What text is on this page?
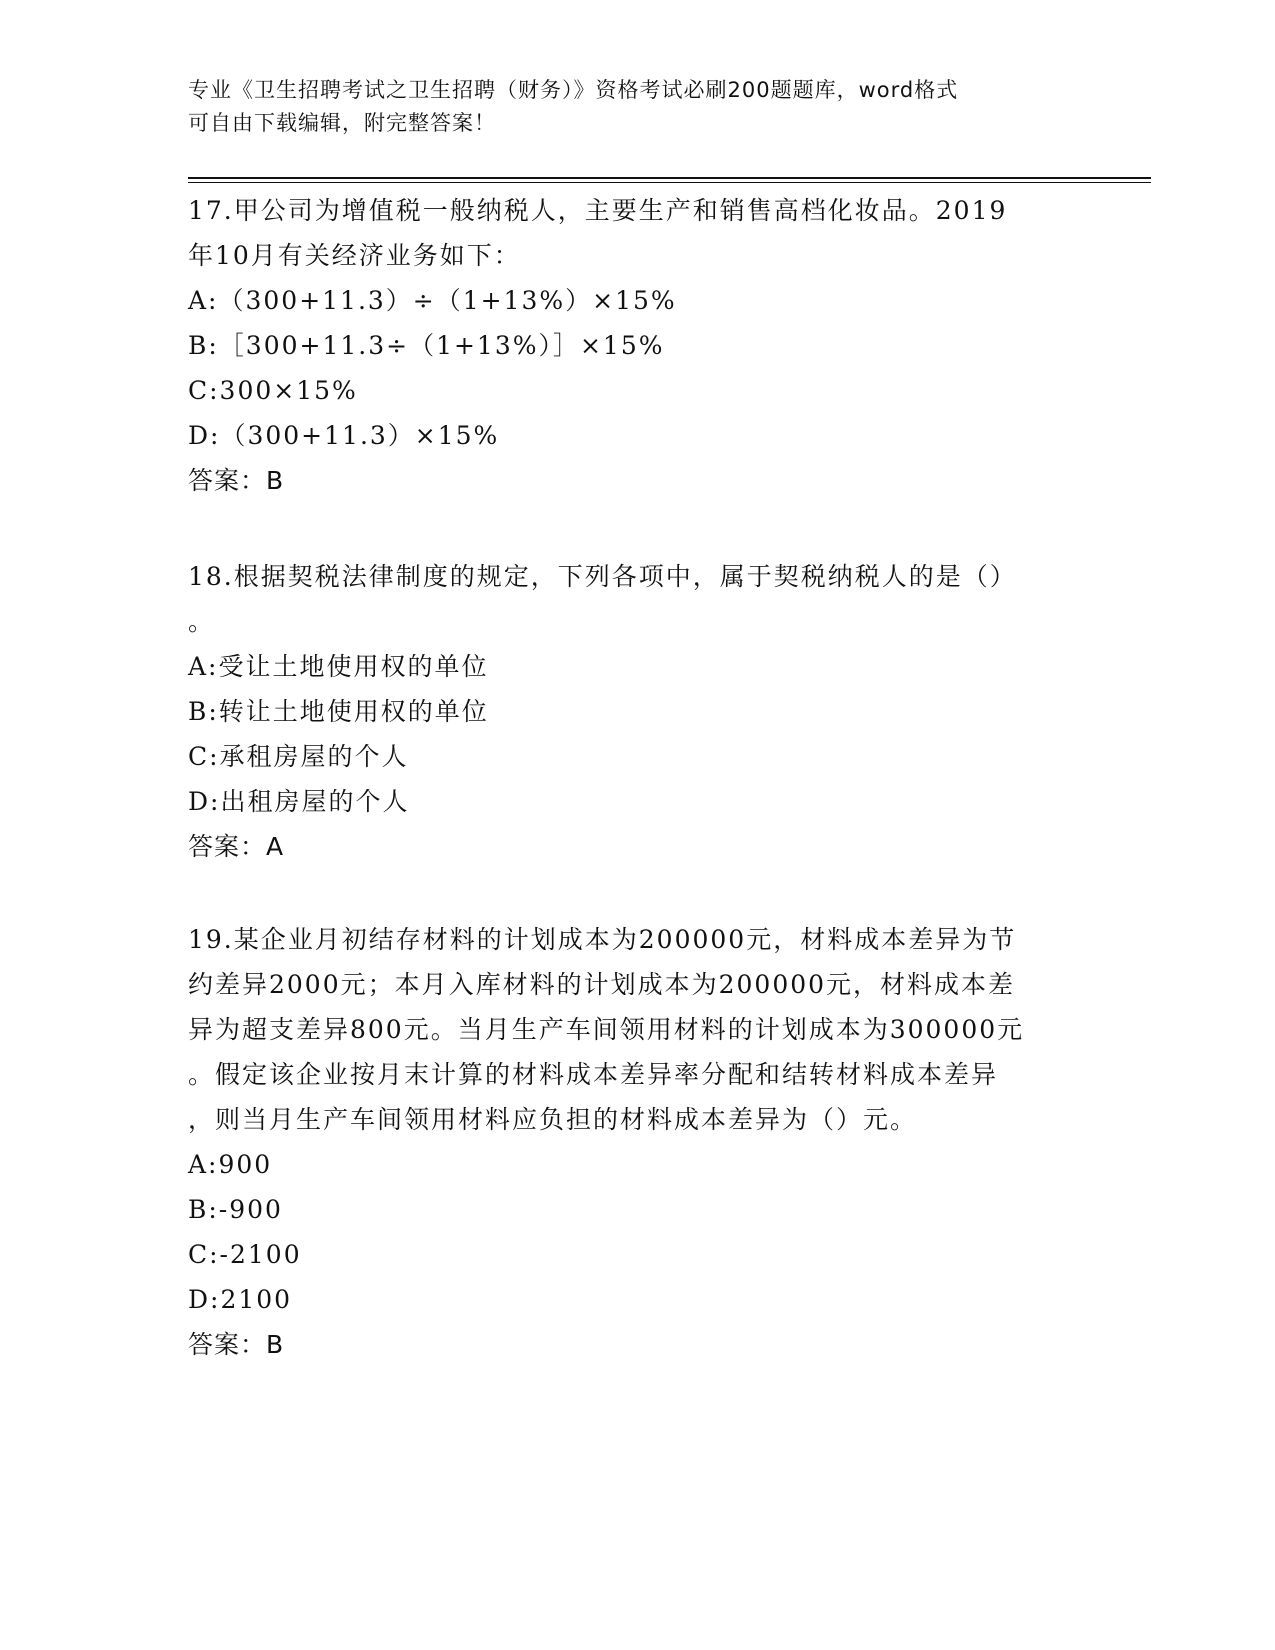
专业《卫生招聘考试之卫生招聘（财务）》资格考试必刷200题题库，word格式
可自由下载编辑，附完整答案！
17.甲公司为增值税一般纳税人，主要生产和销售高档化妆品。2019
年10月有关经济业务如下：
A:（300+11.3）÷（1+13%）×15%
B:［300+11.3÷（1+13%）］×15%
C:300×15%
D:（300+11.3）×15%
答案：B
18.根据契税法律制度的规定，下列各项中，属于契税纳税人的是（）
。
A:受让土地使用权的单位
B:转让土地使用权的单位
C:承租房屋的个人
D:出租房屋的个人
答案：A
19.某企业月初结存材料的计划成本为200000元，材料成本差异为节
约差异2000元；本月入库材料的计划成本为200000元，材料成本差
异为超支差异800元。当月生产车间领用材料的计划成本为300000元
。假定该企业按月末计算的材料成本差异率分配和结转材料成本差异
，则当月生产车间领用材料应负担的材料成本差异为（）元。
A:900
B:-900
C:-2100
D:2100
答案：B
